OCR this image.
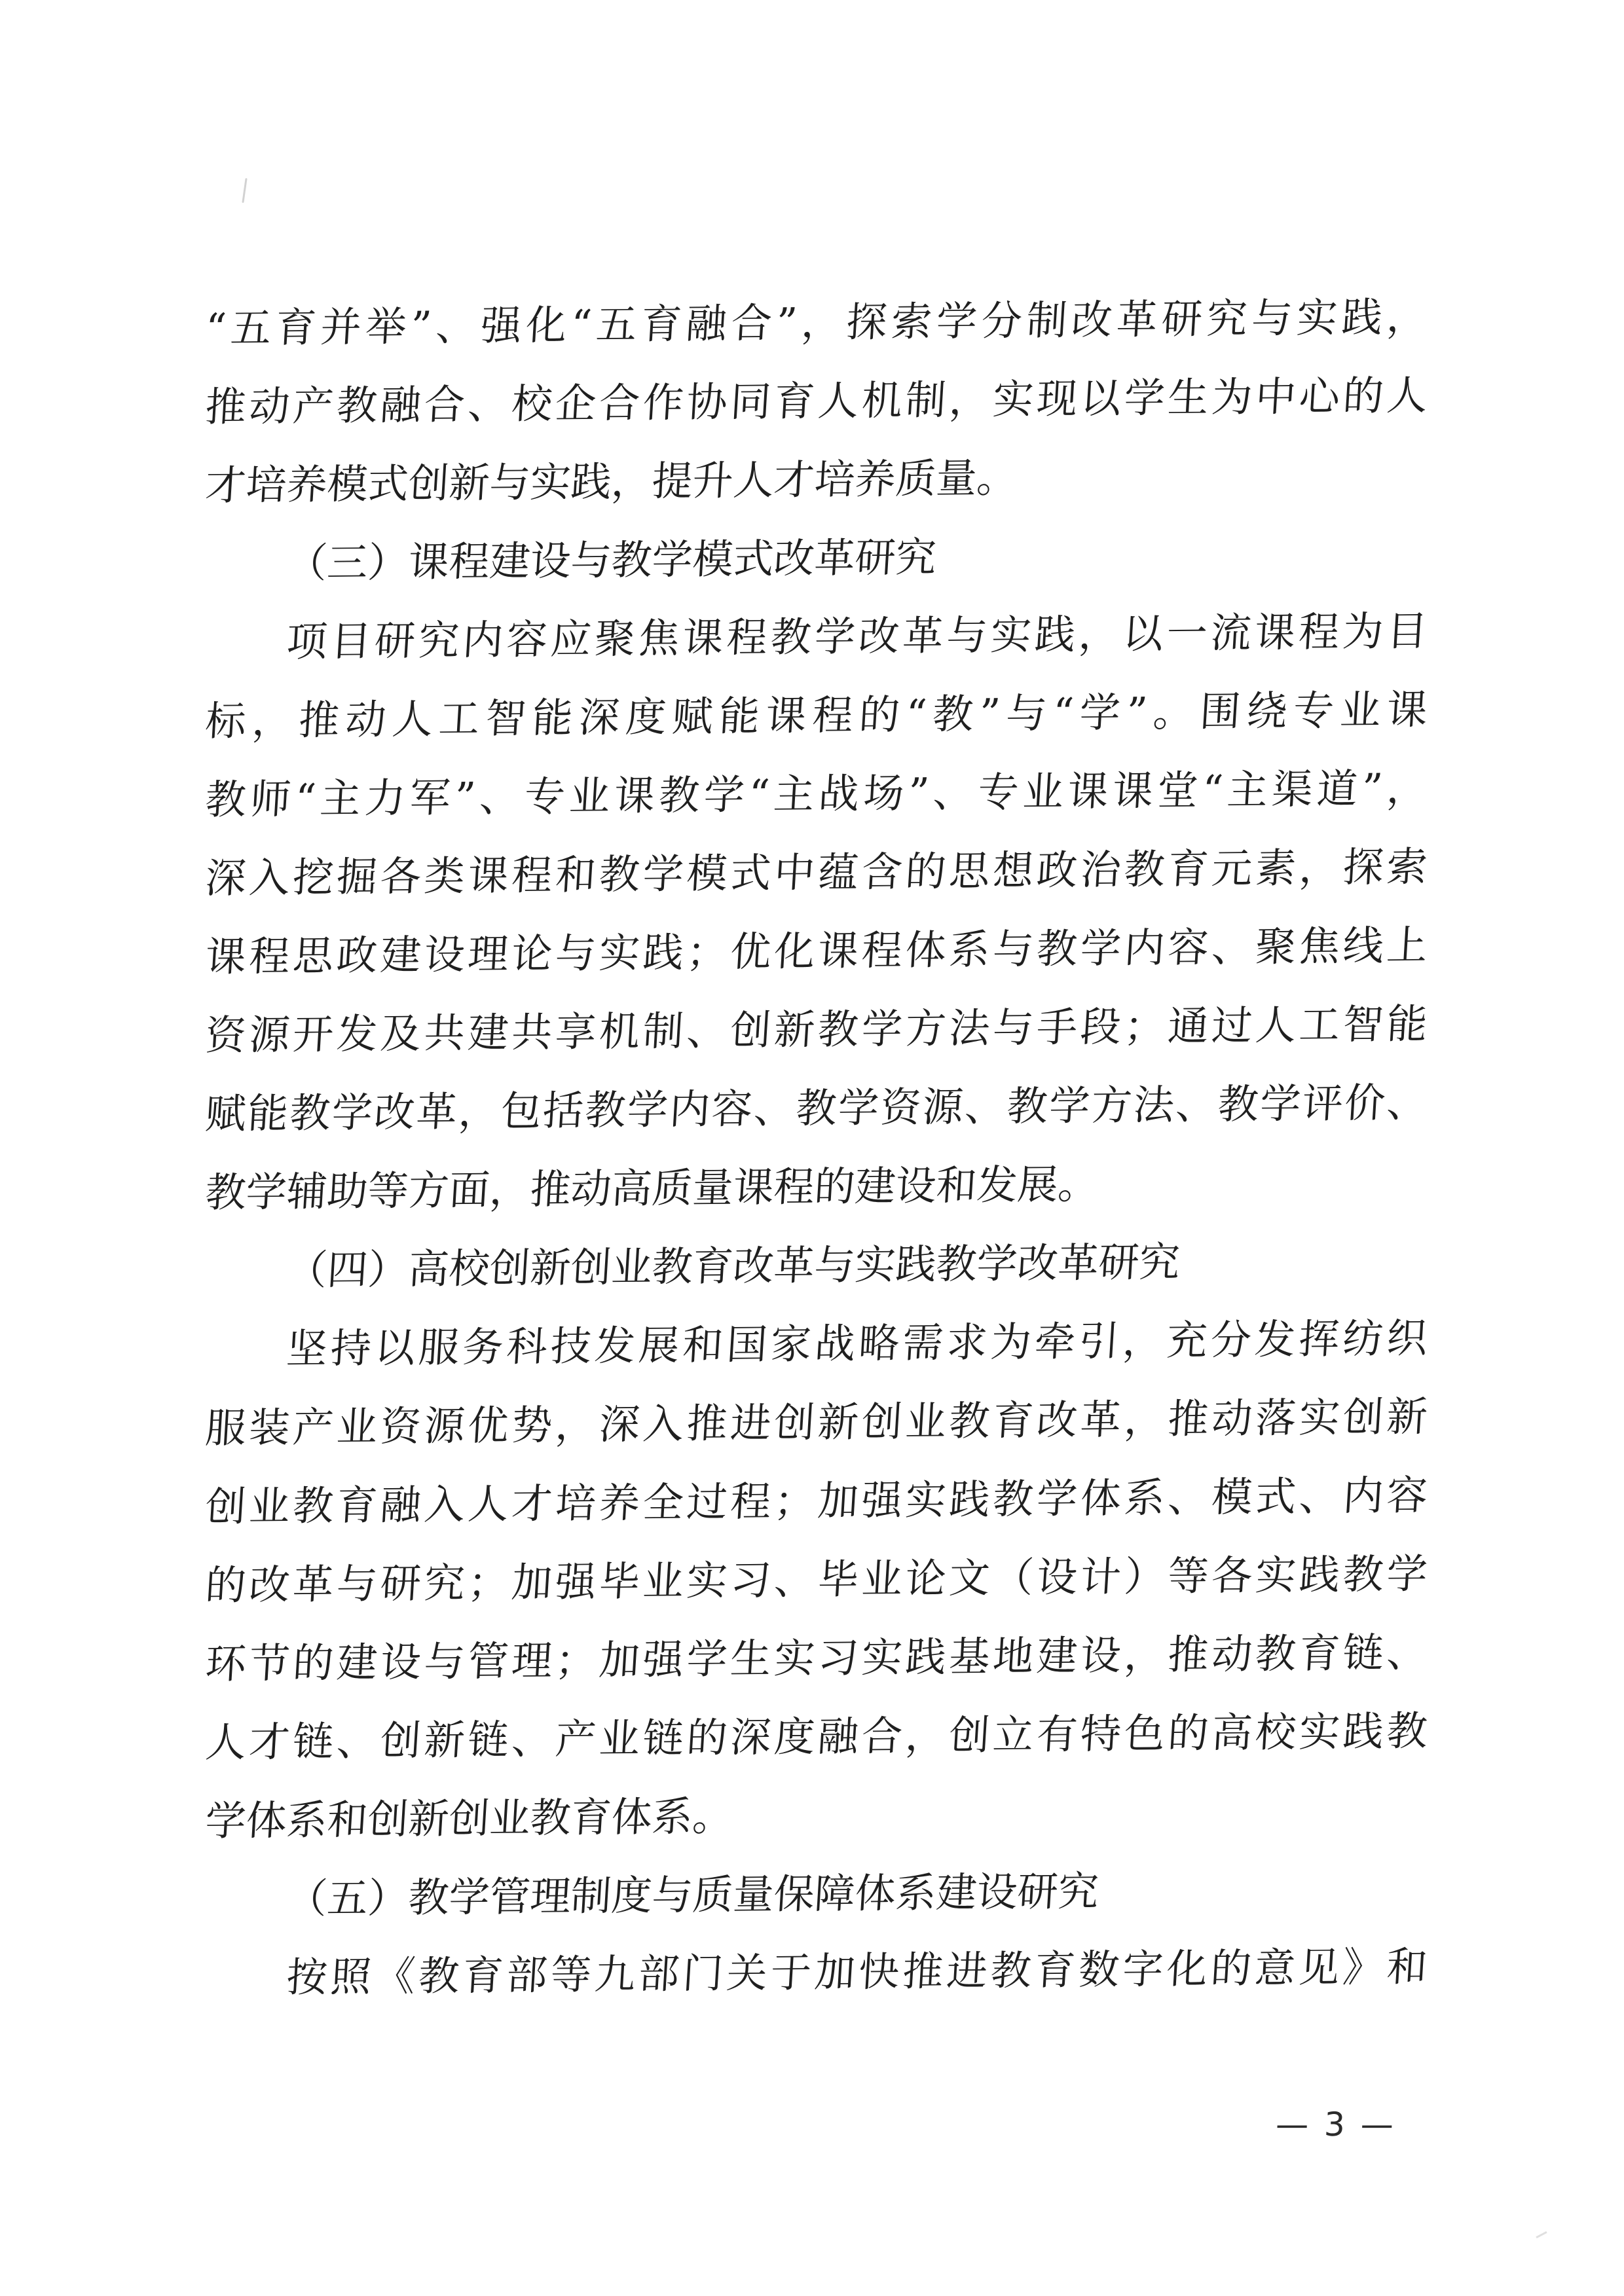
“五育并举”、强化“五育融合”，探索学分制改革研究与实践，
推动产教融合、校企合作协同育人机制，实现以学生为中心的人
才培养模式创新与实践，提升人才培养质量。
（三）课程建设与教学模式改革研究
项目研究内容应聚焦课程教学改革与实践，以一流课程为目
标，推动人工智能深度赋能课程的“教”与“学”。围绕专业课
教师“主力军”、专业课教学“主战场”、专业课课堂“主渠道”，
深入挖掘各类课程和教学模式中蕴含的思想政治教育元素，探索
课程思政建设理论与实践；优化课程体系与教学内容、聚焦线上
资源开发及共建共享机制、创新教学方法与手段；通过人工智能
赋能教学改革，包括教学内容、教学资源、教学方法、教学评价、
教学辅助等方面，推动高质量课程的建设和发展。
（四）高校创新创业教育改革与实践教学改革研究
坚持以服务科技发展和国家战略需求为牵引，充分发挥纺织
服装产业资源优势，深入推进创新创业教育改革，推动落实创新
创业教育融入人才培养全过程；加强实践教学体系、模式、内容
的改革与研究；加强毕业实习、毕业论文（设计）等各实践教学
环节的建设与管理；加强学生实习实践基地建设，推动教育链、
人才链、创新链、产业链的深度融合，创立有特色的高校实践教
学体系和创新创业教育体系。
（五）教学管理制度与质量保障体系建设研究
按照《教育部等九部门关于加快推进教育数字化的意见》和
— 3 —
